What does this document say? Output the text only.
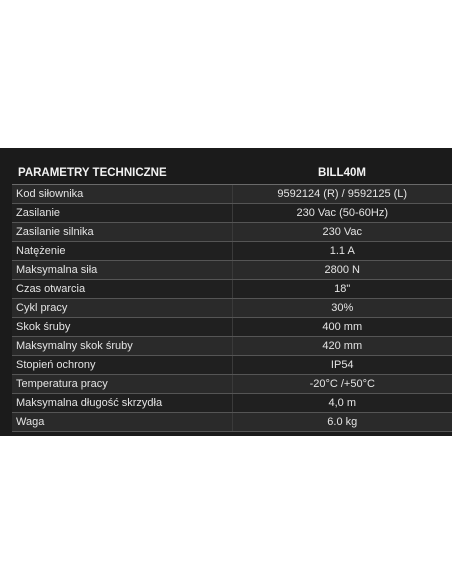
PARAMETRY TECHNICZNE	BILL40M
Kod siłownika	9592124 (R) / 9592125 (L)
Zasilanie	230 Vac (50-60Hz)
Zasilanie silnika	230 Vac
Natężenie	1.1 A
Maksymalna siła	2800 N
Czas otwarcia	18"
Cykl pracy	30%
Skok śruby	400 mm
Maksymalny skok śruby	420 mm
Stopień ochrony	IP54
Temperatura pracy	-20°C /+50°C
Maksymalna długość skrzydła	4,0 m
Waga	6.0 kg
